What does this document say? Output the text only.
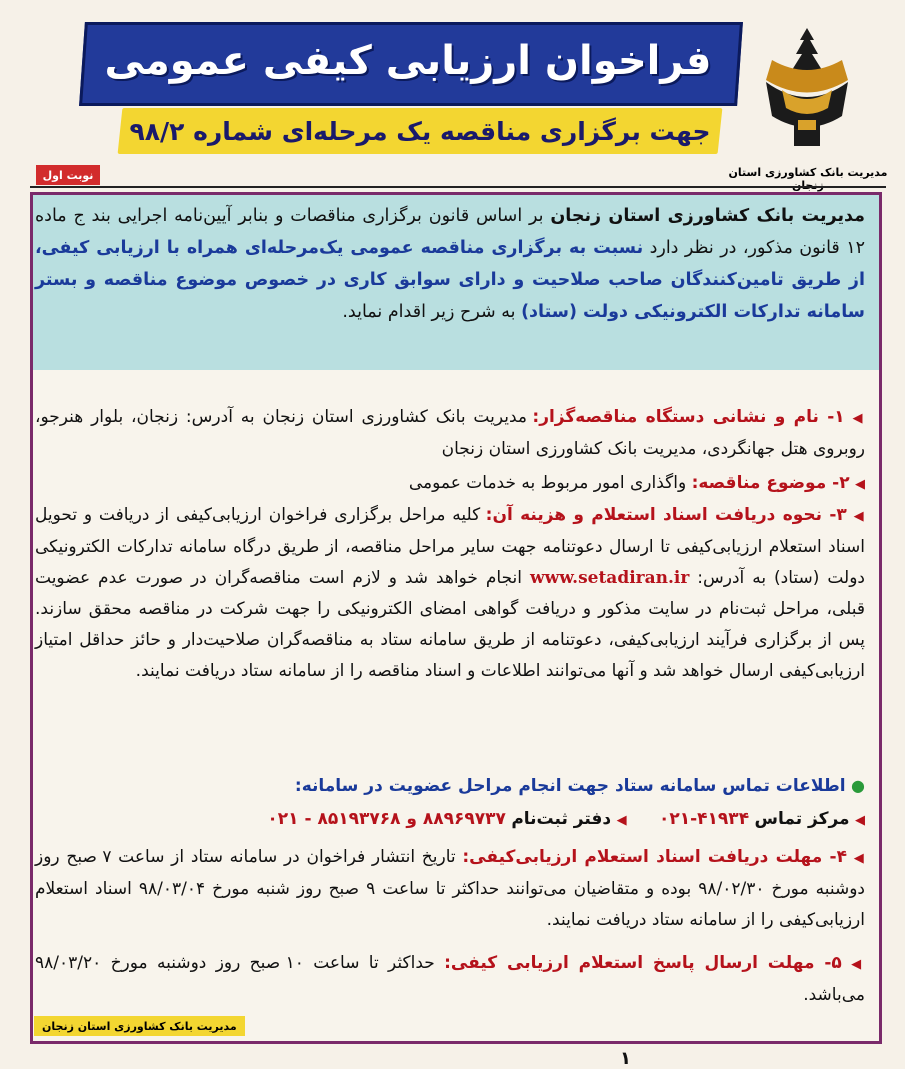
فراخوان ارزیابی کیفی عمومی
جهت برگزاری مناقصه یک مرحله‌ای شماره ۹۸/۲
مدیریت بانک کشاورزی استان
نوبت اول
مدیریت بانک کشاورزی استان زنجان بر اساس قانون برگزاری مناقصات و بنابر آیین‌نامه اجرایی بند ج ماده ۱۲ قانون مذکور، در نظر دارد نسبت به برگزاری مناقصه عمومی یک‌مرحله‌ای همراه با ارزیابی کیفی، از طریق تامین‌کنندگان صاحب صلاحیت و دارای سوابق کاری در خصوص موضوع مناقصه و بستر سامانه تدارکات الکترونیکی دولت (ستاد) به شرح زیر اقدام نماید.
◀ ۱- نام و نشانی دستگاه مناقصه‌گزار: مدیریت بانک کشاورزی استان زنجان به آدرس: زنجان، بلوار هنرجو، روبروی هتل جهانگردی، مدیریت بانک کشاورزی استان زنجان
◀ ۲- موضوع مناقصه: واگذاری امور مربوط به خدمات عمومی
◀ ۳- نحوه دریافت اسناد استعلام و هزینه آن: کلیه مراحل برگزاری فراخوان ارزیابی‌کیفی از دریافت و تحویل اسناد استعلام ارزیابی‌کیفی تا ارسال دعوتنامه جهت سایر مراحل مناقصه، از طریق درگاه سامانه تدارکات الکترونیکی دولت (ستاد) به آدرس: www.setadiran.ir انجام خواهد شد و لازم است مناقصه‌گران در صورت عدم عضویت قبلی، مراحل ثبت‌نام در سایت مذکور و دریافت گواهی امضای الکترونیکی را جهت شرکت در مناقصه محقق سازند. پس از برگزاری فرآیند ارزیابی‌کیفی، دعوتنامه از طریق سامانه ستاد به مناقصه‌گران صلاحیت‌دار و حائز حداقل امتیاز ارزیابی‌کیفی ارسال خواهد شد و آنها می‌توانند اطلاعات و اسناد مناقصه را از سامانه ستاد دریافت نمایند.
● اطلاعات تماس سامانه ستاد جهت انجام مراحل عضویت در سامانه:
◀ مرکز تماس ۰۲۱-۴۱۹۳۴      ◀ دفتر ثبت‌نام ۸۸۹۶۹۷۳۷ و ۸۵۱۹۳۷۶۸ - ۰۲۱
◀ ۴- مهلت دریافت اسناد استعلام ارزیابی‌کیفی: تاریخ انتشار فراخوان در سامانه ستاد از ساعت ۷ صبح روز دوشنبه مورخ ۹۸/۰۲/۳۰ بوده و متقاضیان می‌توانند حداکثر تا ساعت ۹ صبح روز شنبه مورخ ۹۸/۰۳/۰۴ اسناد استعلام ارزیابی‌کیفی را از سامانه ستاد دریافت نمایند.
◀ ۵- مهلت ارسال پاسخ استعلام ارزیابی کیفی: حداکثر تا ساعت ۱۰ صبح روز دوشنبه مورخ ۹۸/۰۳/۲۰ می‌باشد.
مدیریت بانک کشاورزی استان زنجان
۱
